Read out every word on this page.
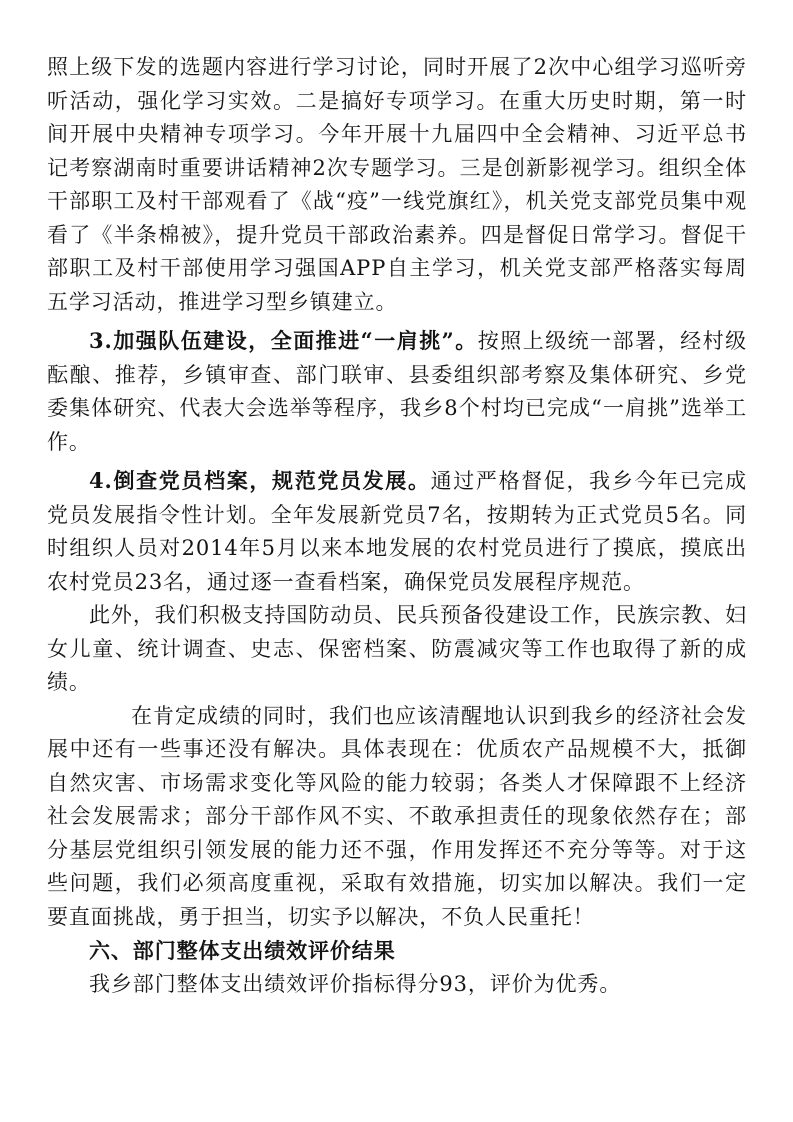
照上级下发的选题内容进行学习讨论，同时开展了2次中心组学习巡听旁听活动，强化学习实效。二是搞好专项学习。在重大历史时期，第一时间开展中央精神专项学习。今年开展十九届四中全会精神、习近平总书记考察湖南时重要讲话精神2次专题学习。三是创新影视学习。组织全体干部职工及村干部观看了《战“疫”一线党旗红》，机关党支部党员集中观看了《半条棉被》，提升党员干部政治素养。四是督促日常学习。督促干部职工及村干部使用学习强国APP自主学习，机关党支部严格落实每周五学习活动，推进学习型乡镇建立。

3.加强队伍建设，全面推进“一肩挑”。按照上级统一部署，经村级酝酿、推荐，乡镇审查、部门联审、县委组织部考察及集体研究、乡党委集体研究、代表大会选举等程序，我乡8个村均已完成“一肩挑”选举工作。

4.倒查党员档案，规范党员发展。通过严格督促，我乡今年已完成党员发展指令性计划。全年发展新党员7名，按期转为正式党员5名。同时组织人员对2014年5月以来本地发展的农村党员进行了摸底，摸底出农村党员23名，通过逐一查看档案，确保党员发展程序规范。

此外，我们积极支持国防动员、民兵预备役建设工作，民族宗教、妇女儿童、统计调查、史志、保密档案、防震减灾等工作也取得了新的成绩。

在肯定成绩的同时，我们也应该清醒地认识到我乡的经济社会发展中还有一些事还没有解决。具体表现在：优质农产品规模不大，抵御自然灾害、市场需求变化等风险的能力较弱；各类人才保障跟不上经济社会发展需求；部分干部作风不实、不敢承担责任的现象依然存在；部分基层党组织引领发展的能力还不强，作用发挥还不充分等等。对于这些问题，我们必须高度重视，采取有效措施，切实加以解决。我们一定要直面挑战，勇于担当，切实予以解决，不负人民重托！

六、部门整体支出绩效评价结果

我乡部门整体支出绩效评价指标得分93，评价为优秀。
